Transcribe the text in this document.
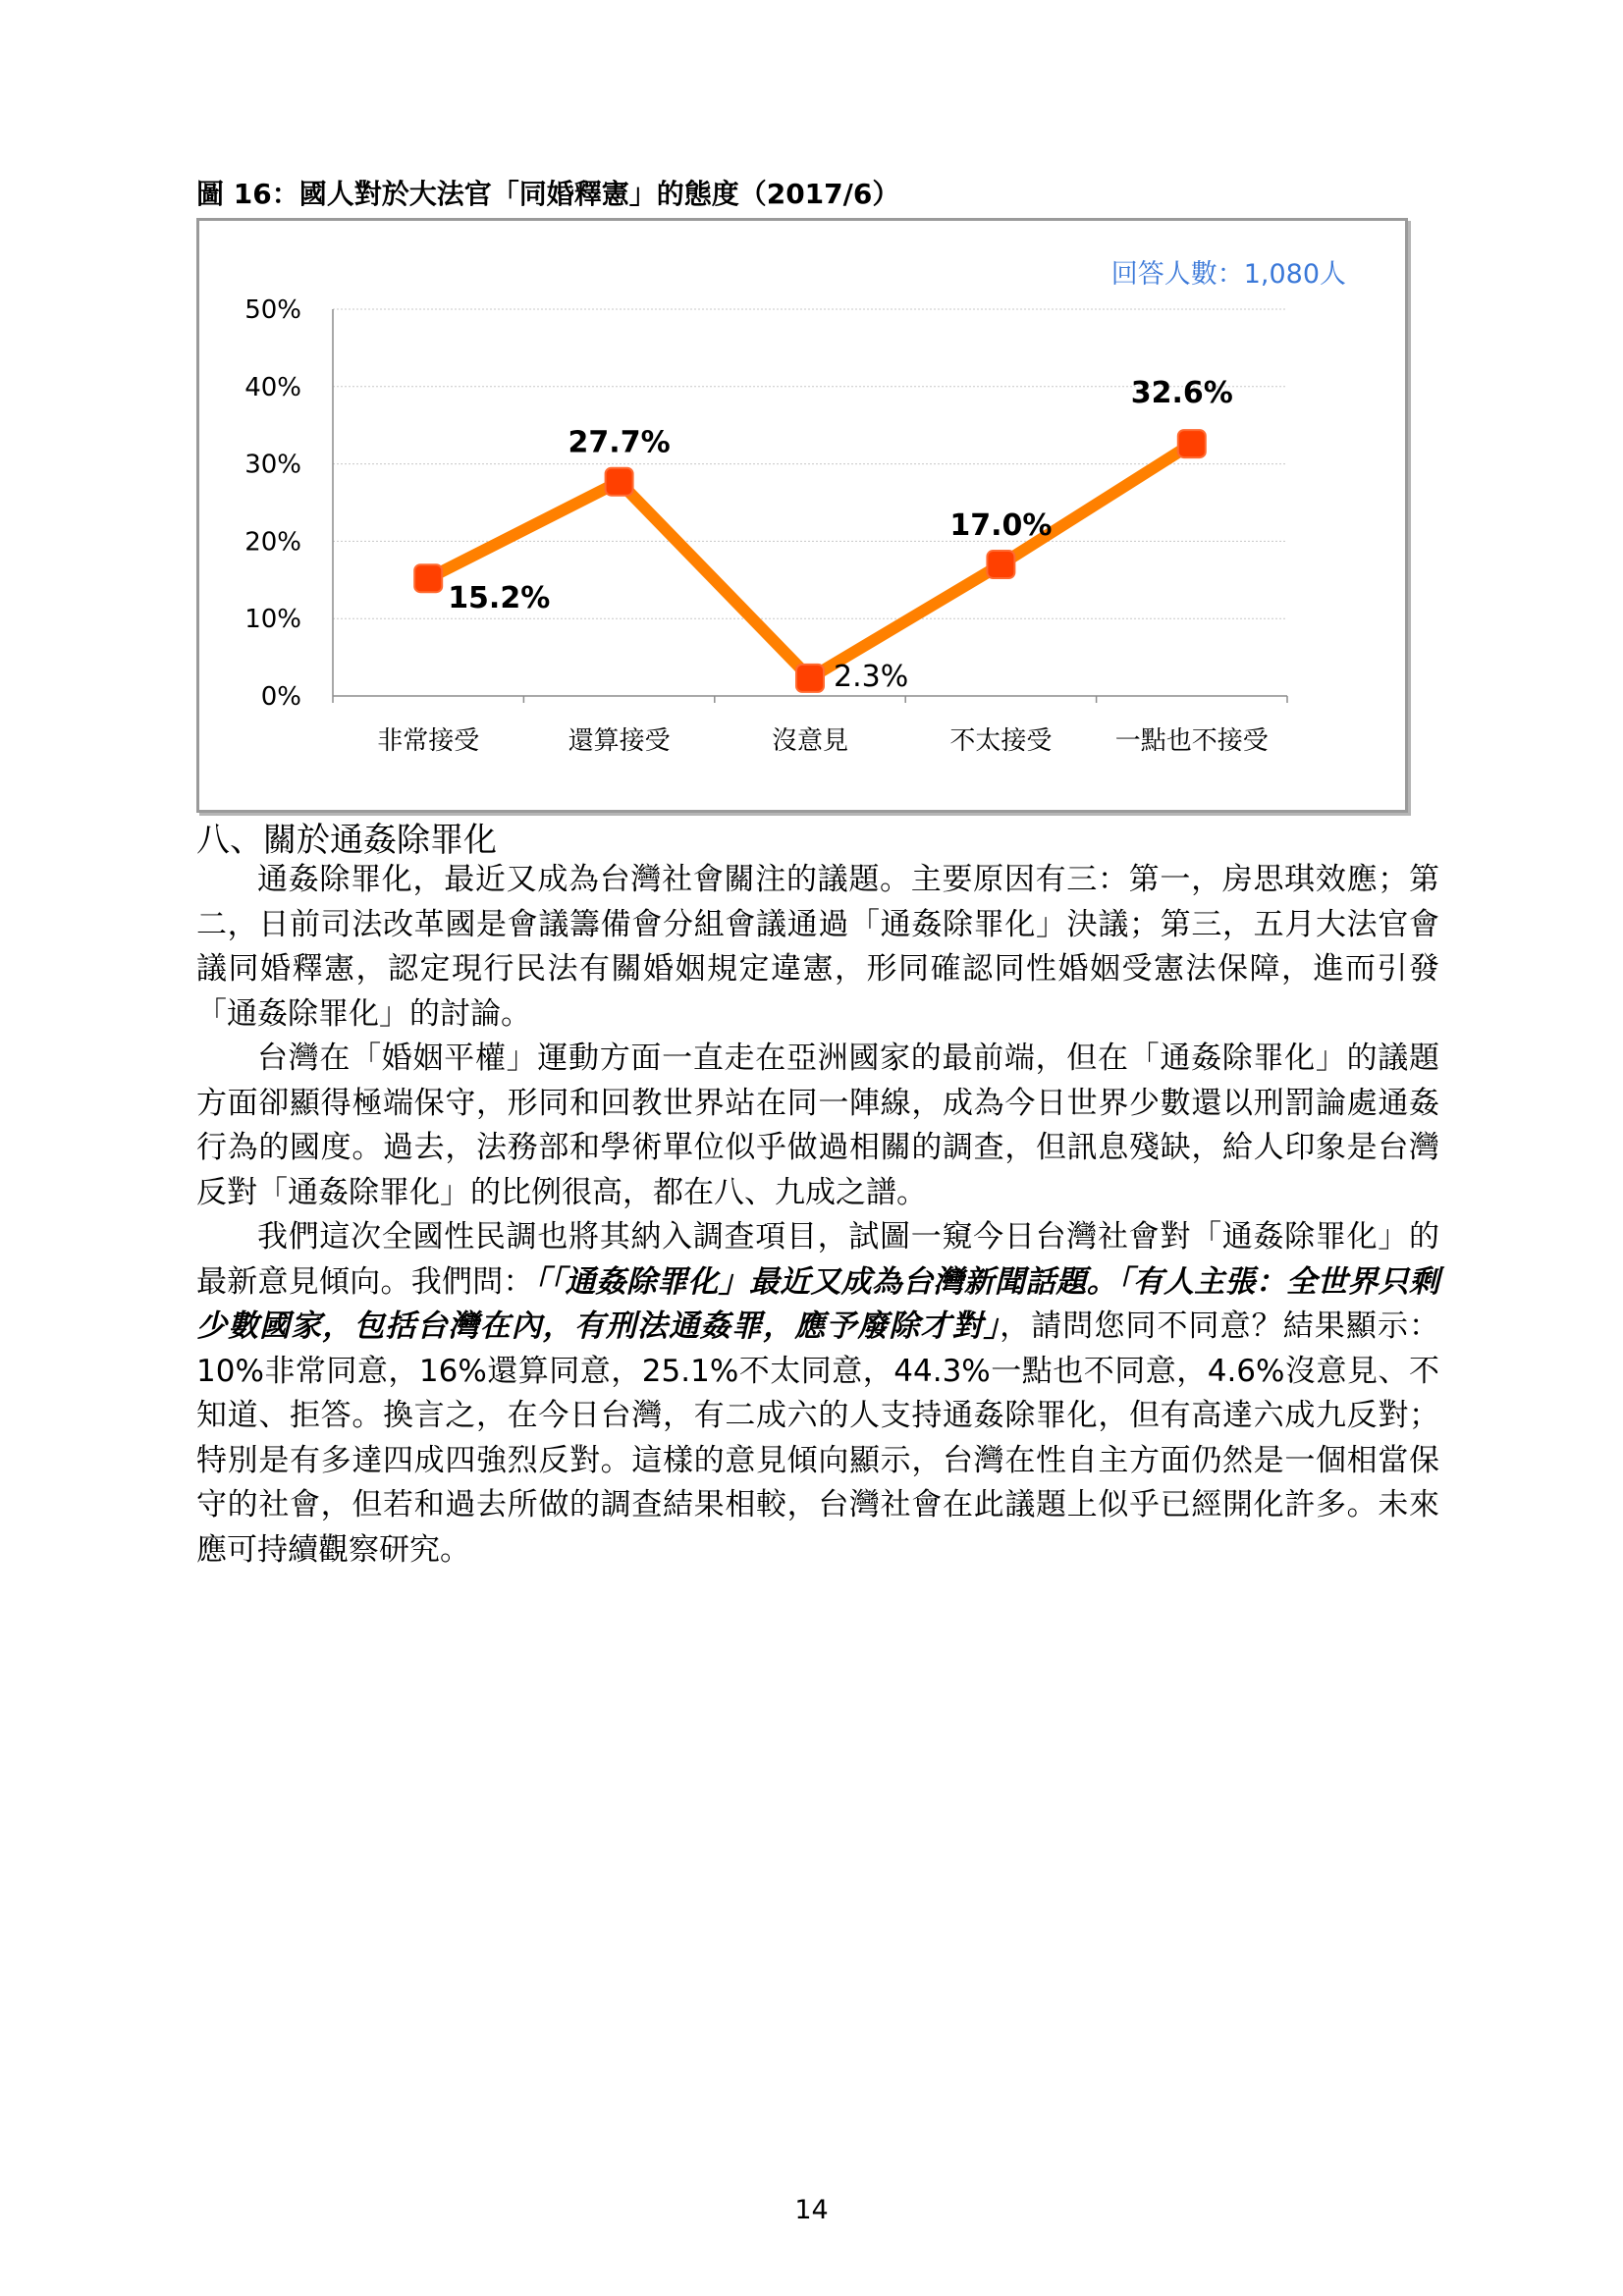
圖 16：國人對於大法官「同婚釋憲」的態度（2017/6）
0%
10%
20%
30%
40%
50%
非常接受	還算接受	沒意見	不太接受 一點也不接受
15.2%
27.7%
2.3%
17.0%
32.6%
回答人數：1,080人
八、關於通姦除罪化

通姦除罪化，最近又成為台灣社會關注的議題。主要原因有三：第一，房思琪效應；第二，日前司法改革國是會議籌備會分組會議通過「通姦除罪化」決議；第三，五月大法官會議同婚釋憲，認定現行民法有關婚姻規定違憲，形同確認同性婚姻受憲法保障，進而引發「通姦除罪化」的討論。

台灣在「婚姻平權」運動方面一直走在亞洲國家的最前端，但在「通姦除罪化」的議題方面卻顯得極端保守，形同和回教世界站在同一陣線，成為今日世界少數還以刑罰論處通姦行為的國度。過去，法務部和學術單位似乎做過相關的調查，但訊息殘缺，給人印象是台灣反對「通姦除罪化」的比例很高，都在八、九成之譜。

我們這次全國性民調也將其納入調查項目，試圖一窺今日台灣社會對「通姦除罪化」的最新意見傾向。我們問：「「通姦除罪化」最近又成為台灣新聞話題。「有人主張：全世界只剩少數國家，包括台灣在內，有刑法通姦罪，應予廢除才對」，請問您同不同意？結果顯示：10%非常同意，16%還算同意，25.1%不太同意，44.3%一點也不同意，4.6%沒意見、不知道、拒答。換言之，在今日台灣，有二成六的人支持通姦除罪化，但有高達六成九反對；特別是有多達四成四強烈反對。這樣的意見傾向顯示，台灣在性自主方面仍然是一個相當保守的社會，但若和過去所做的調查結果相較，台灣社會在此議題上似乎已經開化許多。未來應可持續觀察研究。

14
